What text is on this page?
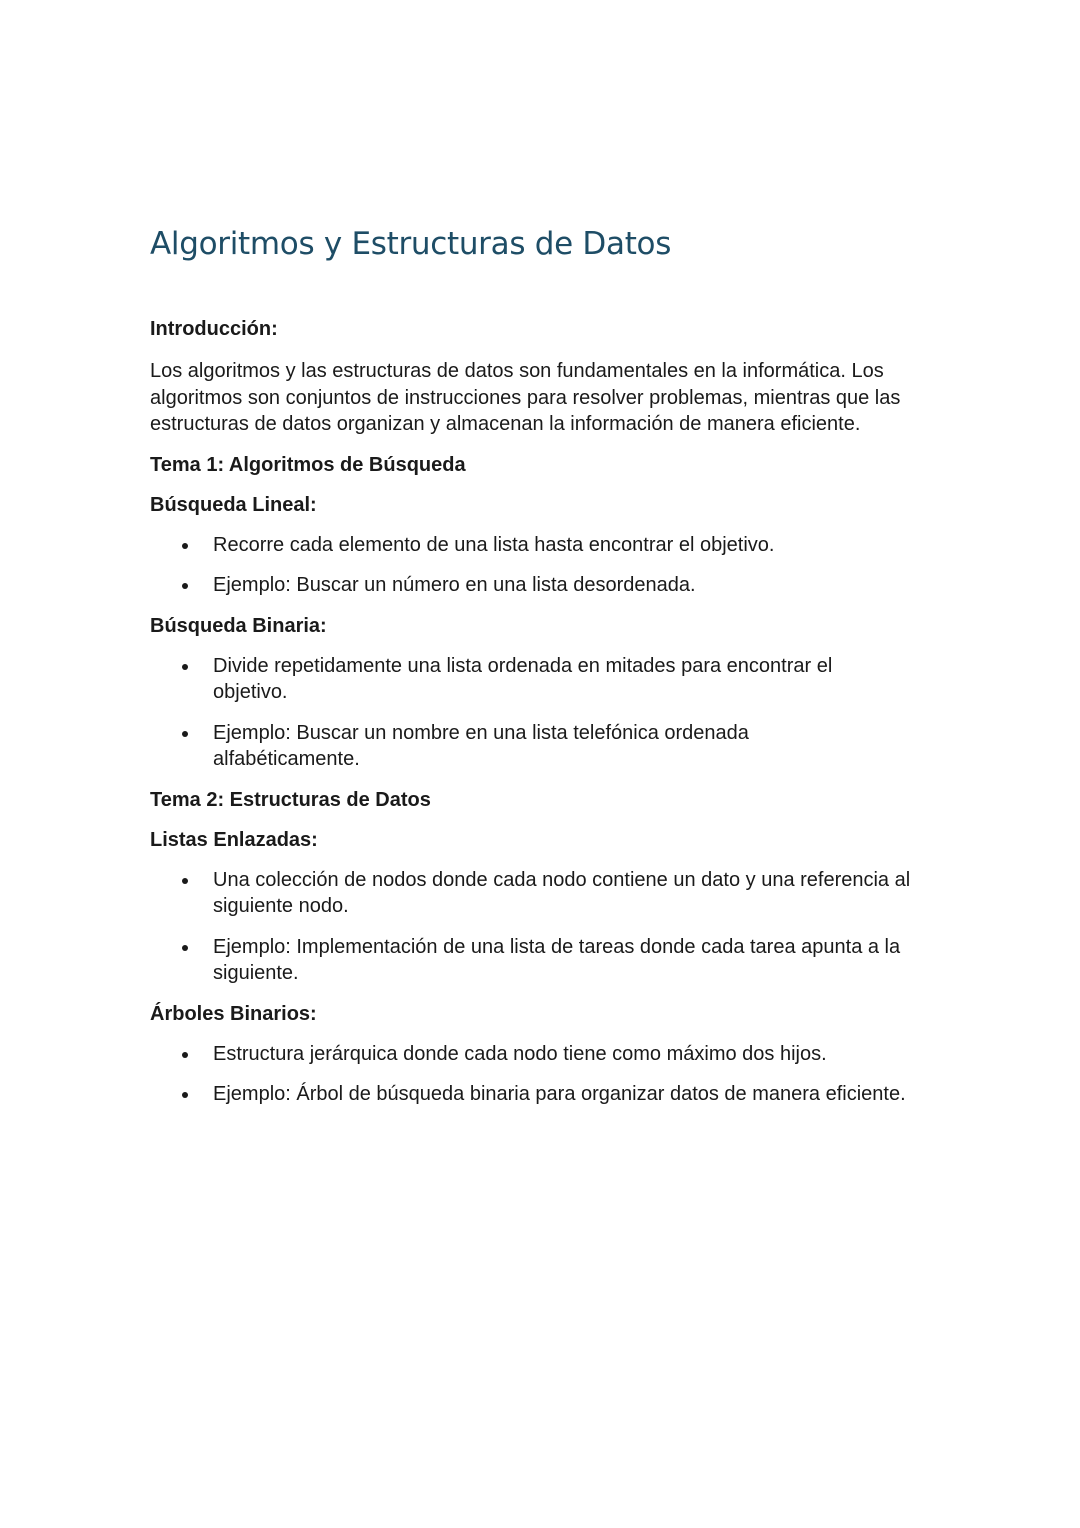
Algoritmos y Estructuras de Datos
Introducción:

Los algoritmos y las estructuras de datos son fundamentales en la informática. Los algoritmos son conjuntos de instrucciones para resolver problemas, mientras que las estructuras de datos organizan y almacenan la información de manera eficiente.

Tema 1: Algoritmos de Búsqueda
Búsqueda Lineal:
Recorre cada elemento de una lista hasta encontrar el objetivo.
Ejemplo: Buscar un número en una lista desordenada.
Búsqueda Binaria:
Divide repetidamente una lista ordenada en mitades para encontrar el objetivo.
Ejemplo: Buscar un nombre en una lista telefónica ordenada alfabéticamente.
Tema 2: Estructuras de Datos
Listas Enlazadas:
Una colección de nodos donde cada nodo contiene un dato y una referencia al siguiente nodo.
Ejemplo: Implementación de una lista de tareas donde cada tarea apunta a la siguiente.
Árboles Binarios:
Estructura jerárquica donde cada nodo tiene como máximo dos hijos.
Ejemplo: Árbol de búsqueda binaria para organizar datos de manera eficiente.
